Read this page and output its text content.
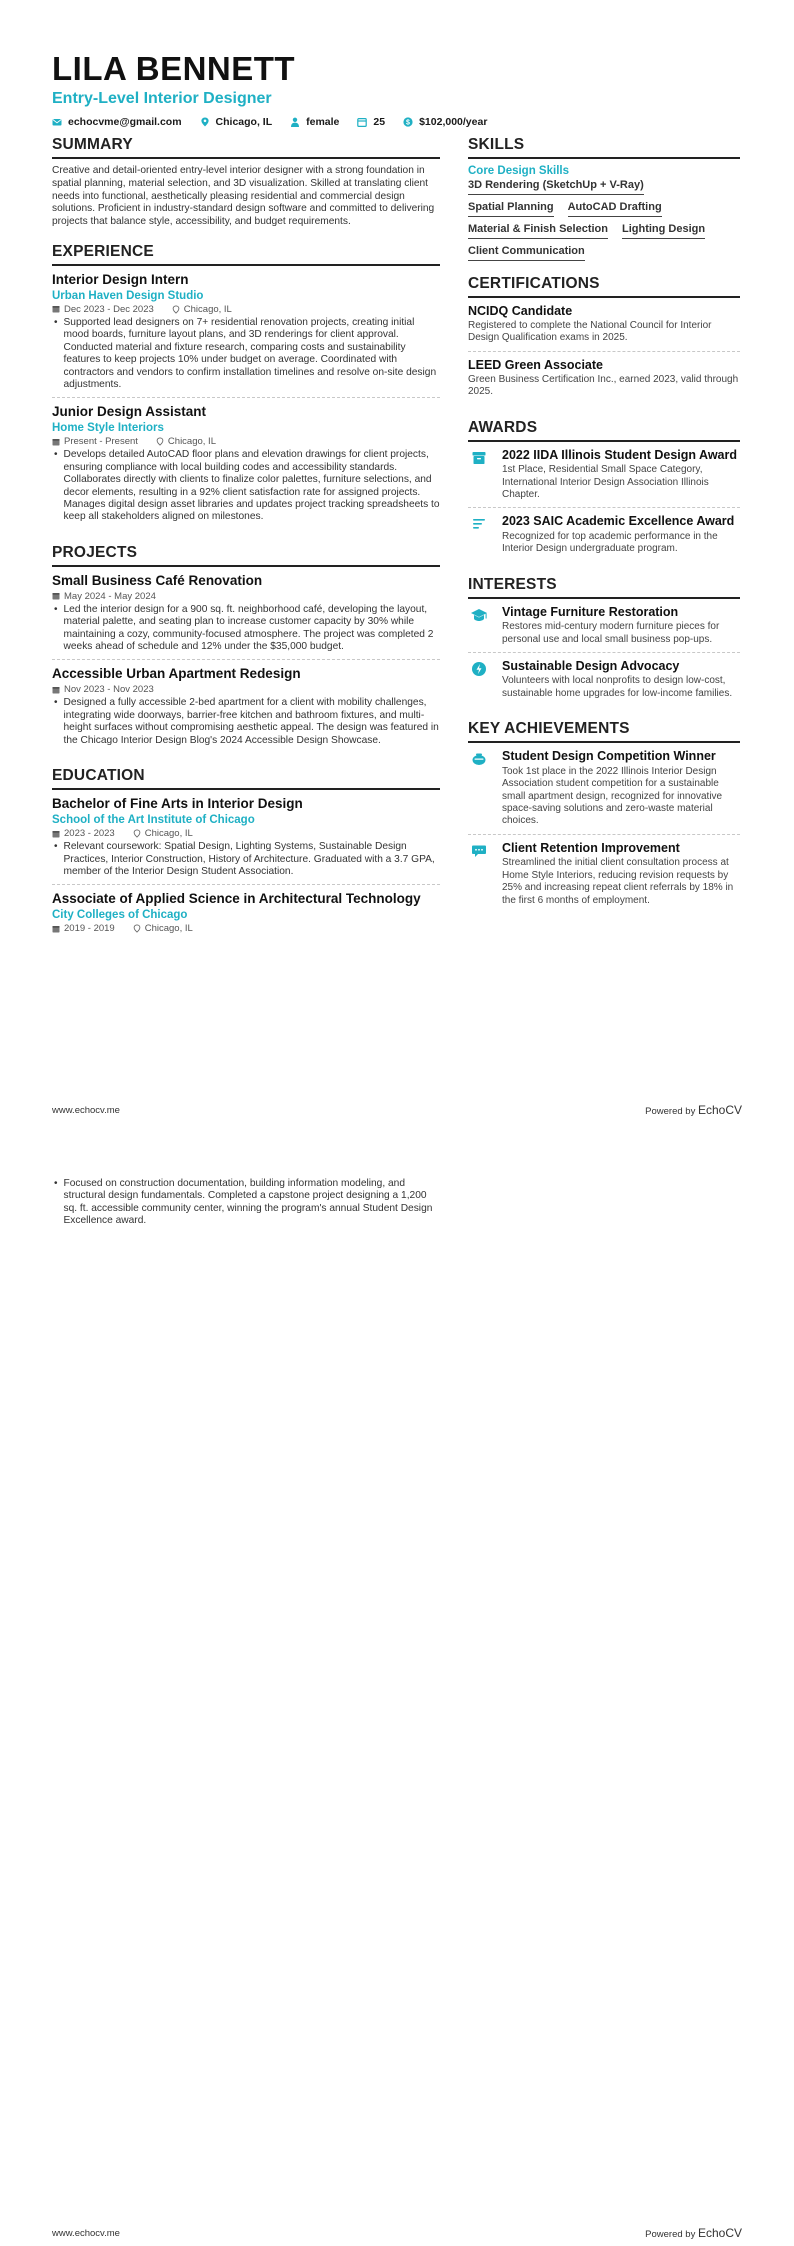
LILA BENNETT
Entry-Level Interior Designer
echocvme@gmail.com	Chicago, IL	female	25	$ $102,000/year
SUMMARY
Creative and detail-oriented entry-level interior designer with a strong foundation in spatial planning, material selection, and 3D visualization. Skilled at translating client needs into functional, aesthetically pleasing residential and commercial design solutions. Proficient in industry-standard design software and committed to delivering projects that balance style, accessibility, and budget requirements.
EXPERIENCE
Interior Design Intern
Urban Haven Design Studio
Dec 2023 - Dec 2023	Chicago, IL
• Supported lead designers on 7+ residential renovation projects, creating initial mood boards, furniture layout plans, and 3D renderings for client approval. Conducted material and fixture research, comparing costs and sustainability features to keep projects 10% under budget on average. Coordinated with contractors and vendors to confirm installation timelines and resolve on-site design adjustments.
Junior Design Assistant
Home Style Interiors
Present - Present	Chicago, IL
• Develops detailed AutoCAD floor plans and elevation drawings for client projects, ensuring compliance with local building codes and accessibility standards. Collaborates directly with clients to finalize color palettes, furniture selections, and decor elements, resulting in a 92% client satisfaction rate for assigned projects. Manages digital design asset libraries and updates project tracking spreadsheets to keep all stakeholders aligned on milestones.
PROJECTS
Small Business Café Renovation
May 2024 - May 2024
• Led the interior design for a 900 sq. ft. neighborhood café, developing the layout, material palette, and seating plan to increase customer capacity by 30% while maintaining a cozy, community-focused atmosphere. The project was completed 2 weeks ahead of schedule and 12% under the $35,000 budget.
Accessible Urban Apartment Redesign
Nov 2023 - Nov 2023
• Designed a fully accessible 2-bed apartment for a client with mobility challenges, integrating wide doorways, barrier-free kitchen and bathroom fixtures, and multi-height surfaces without compromising aesthetic appeal. The design was featured in the Chicago Interior Design Blog's 2024 Accessible Design Showcase.
EDUCATION
Bachelor of Fine Arts in Interior Design
School of the Art Institute of Chicago
2023 - 2023	Chicago, IL
• Relevant coursework: Spatial Design, Lighting Systems, Sustainable Design Practices, Interior Construction, History of Architecture. Graduated with a 3.7 GPA, member of the Interior Design Student Association.
Associate of Applied Science in Architectural Technology
City Colleges of Chicago
2019 - 2019	Chicago, IL
SKILLS
Core Design Skills
3D Rendering (SketchUp + V-Ray)
Spatial Planning AutoCAD Drafting
Material & Finish Selection Lighting Design
Client Communication
CERTIFICATIONS
NCIDQ Candidate
Registered to complete the National Council for Interior Design Qualification exams in 2025.
LEED Green Associate
Green Business Certification Inc., earned 2023, valid through 2025.
AWARDS
2022 IIDA Illinois Student Design Award
1st Place, Residential Small Space Category, International Interior Design Association Illinois Chapter.
2023 SAIC Academic Excellence Award
Recognized for top academic performance in the Interior Design undergraduate program.
INTERESTS
Vintage Furniture Restoration
Restores mid-century modern furniture pieces for personal use and local small business pop-ups.
Sustainable Design Advocacy
Volunteers with local nonprofits to design low-cost, sustainable home upgrades for low-income families.
KEY ACHIEVEMENTS
Student Design Competition Winner
Took 1st place in the 2022 Illinois Interior Design Association student competition for a sustainable small apartment design, recognized for innovative space-saving solutions and zero-waste material choices.
Client Retention Improvement
Streamlined the initial client consultation process at Home Style Interiors, reducing revision requests by 25% and increasing repeat client referrals by 18% in the first 6 months of employment.
www.echocv.me	Powered by EchoCV
• Focused on construction documentation, building information modeling, and structural design fundamentals. Completed a capstone project designing a 1,200 sq. ft. accessible community center, winning the program's annual Student Design Excellence award.
www.echocv.me	Powered by EchoCV
